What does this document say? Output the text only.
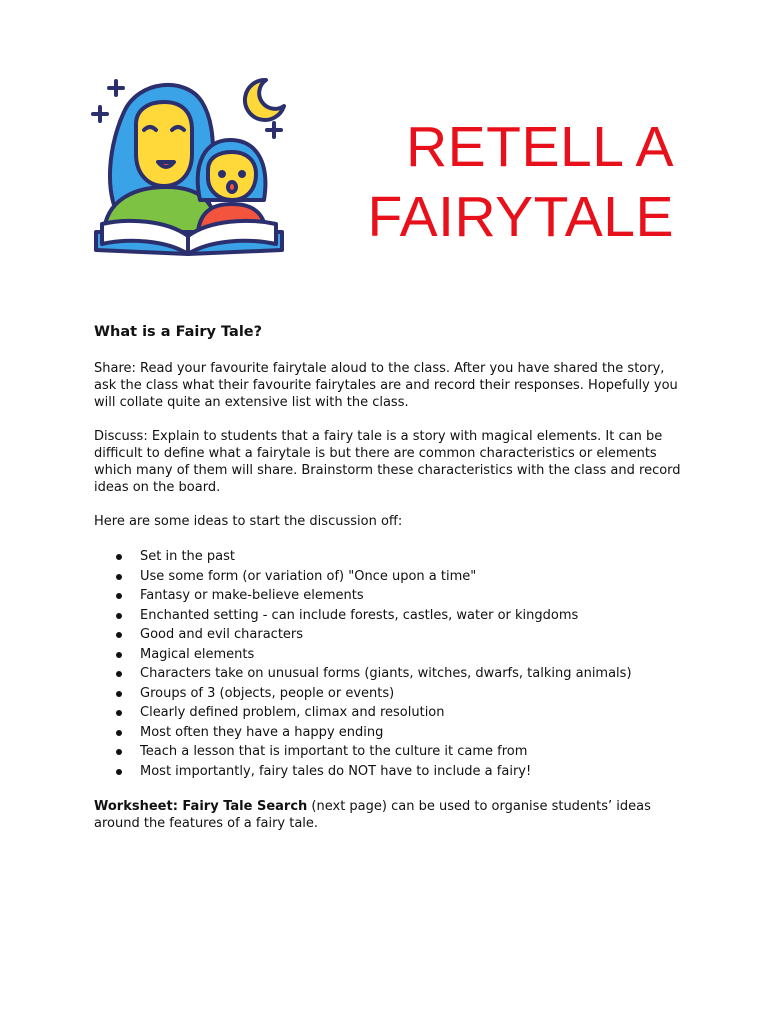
RETELL A
FAIRYTALE
What is a Fairy Tale?

Share: Read your favourite fairytale aloud to the class. After you have shared the story, ask the class what their favourite fairytales are and record their responses. Hopefully you will collate quite an extensive list with the class.

Discuss: Explain to students that a fairy tale is a story with magical elements. It can be difficult to define what a fairytale is but there are common characteristics or elements which many of them will share. Brainstorm these characteristics with the class and record ideas on the board.

Here are some ideas to start the discussion off:

Set in the past
Use some form (or variation of) "Once upon a time"
Fantasy or make-believe elements
Enchanted setting - can include forests, castles, water or kingdoms
Good and evil characters
Magical elements
Characters take on unusual forms (giants, witches, dwarfs, talking animals)
Groups of 3 (objects, people or events)
Clearly defined problem, climax and resolution
Most often they have a happy ending
Teach a lesson that is important to the culture it came from
Most importantly, fairy tales do NOT have to include a fairy!

Worksheet: Fairy Tale Search (next page) can be used to organise students’ ideas around the features of a fairy tale.
